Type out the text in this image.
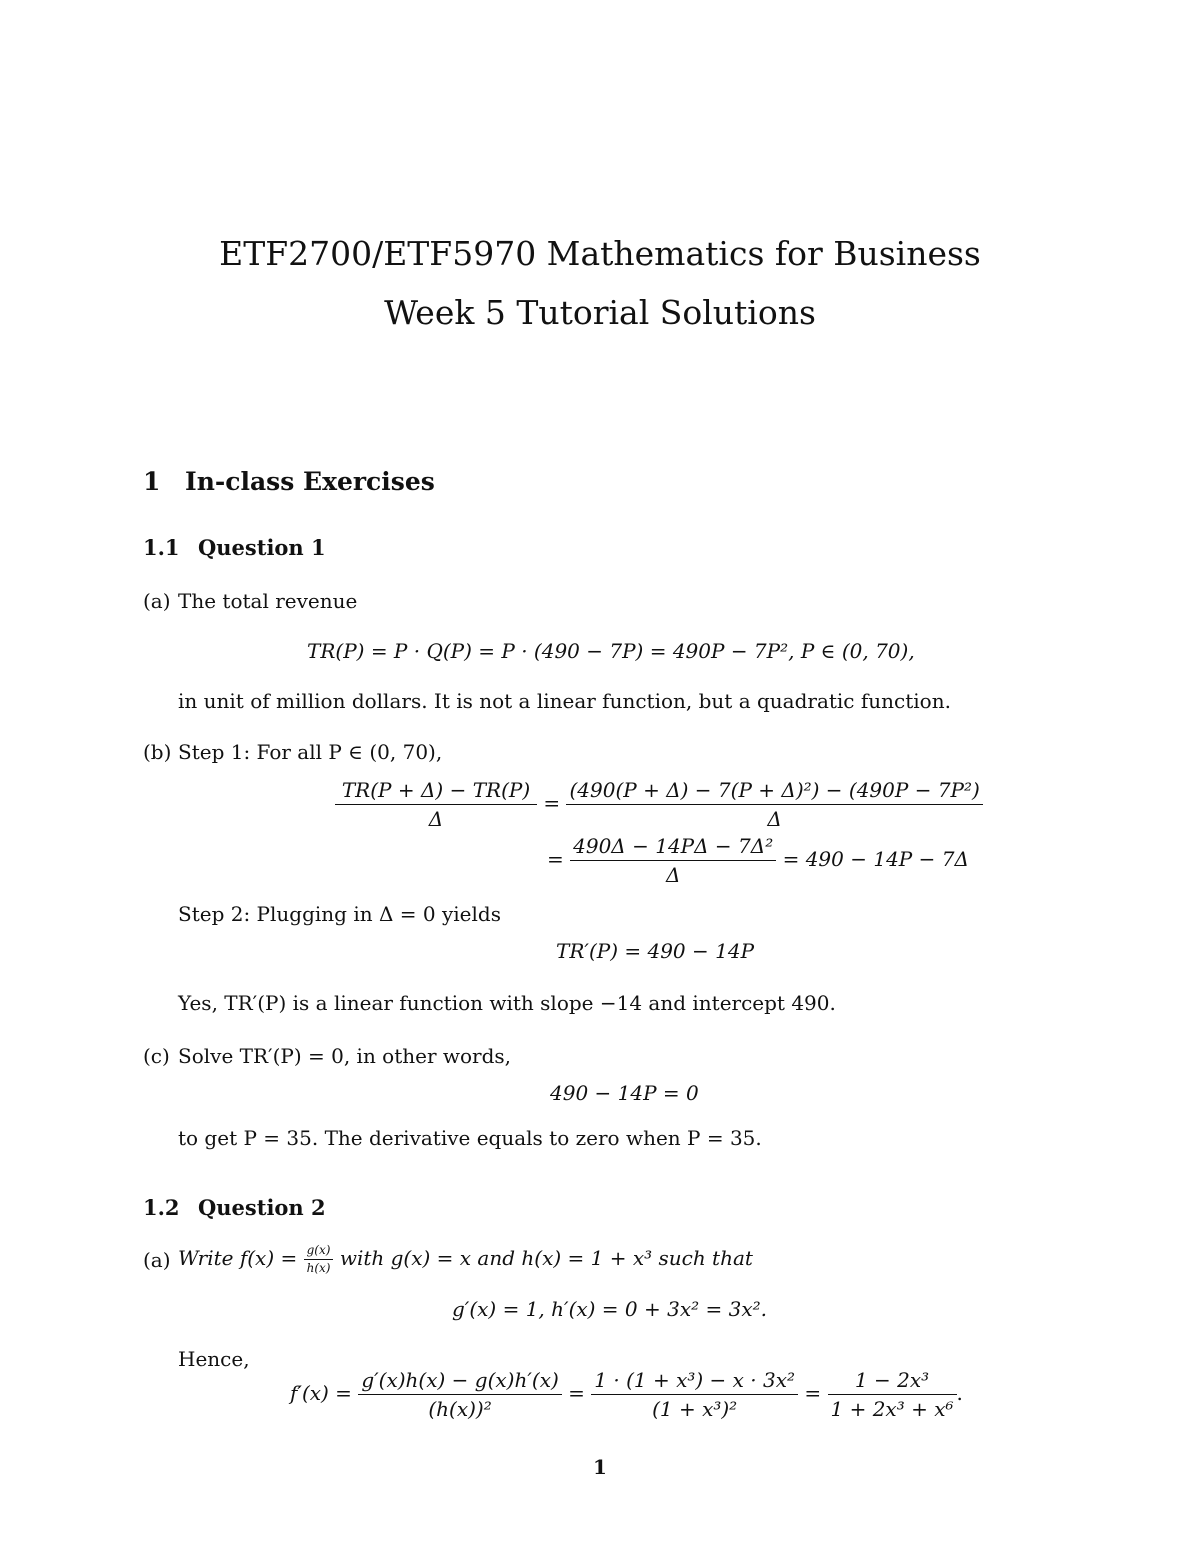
ETF2700/ETF5970 Mathematics for Business
Week 5 Tutorial Solutions
1 In-class Exercises
1.1 Question 1
(a) The total revenue
TR(P) = P · Q(P) = P · (490 − 7P) = 490P − 7P², P ∈ (0, 70),
in unit of million dollars. It is not a linear function, but a quadratic function.
(b) Step 1: For all P ∈ (0, 70),
$\frac{TR(P + \Delta) - TR(P)}{\Delta} = \frac{\text{(490(P + Δ) − 7(P + Δ)²) − (490P − 7P²)}}{\Delta}$
= $\frac{\text{490Δ − 14PΔ − 7Δ²}}{\Delta} = 490 - 14P - 7\Delta$
Step 2: Plugging in Δ = 0 yields
TR′(P) = 490 − 14P
Yes, TR′(P) is a linear function with slope −14 and intercept 490.
(c) Solve TR′(P) = 0, in other words,
490 − 14P = 0
to get P = 35. The derivative equals to zero when P = 35.
1.2 Question 2
(a) Write $f(x) = \frac{g(x)}{h(x)}$ with g(x) = x and h(x) = 1 + x³ such that
g′(x) = 1, h′(x) = 0 + 3x² = 3x².
Hence,
$f'(x) = \frac{g'(x)h(x) - g(x)h'(x)}{\text{(h(x))²}} = \frac{\text{1 · (1 + x³) − x · 3x²}}{\text{(1 + x³)²}} = \frac{\text{1 − 2x³}}{\text{1 + 2x³ + x⁶}}$ .
1
